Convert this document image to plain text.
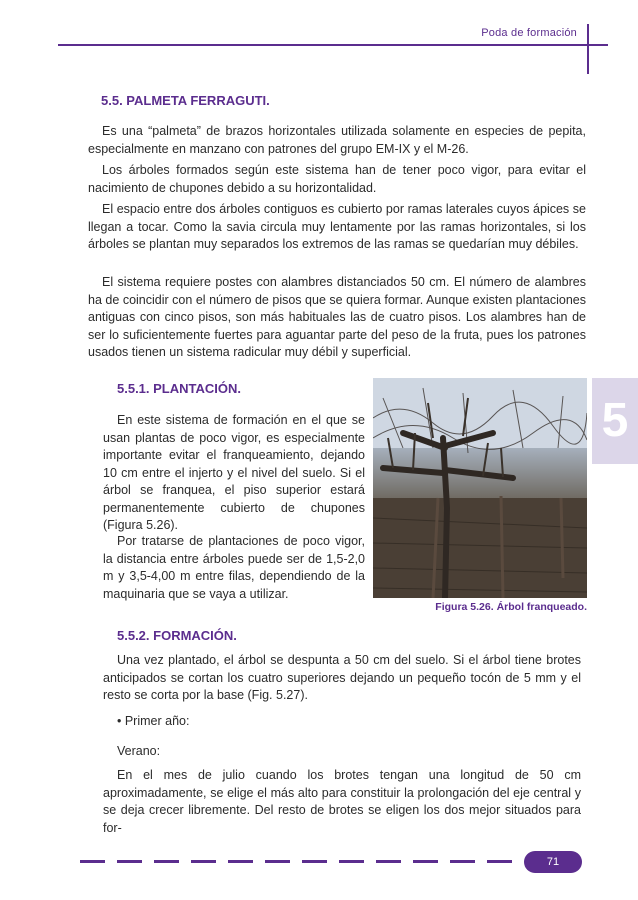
Poda de formación
5
5.5. PALMETA FERRAGUTI.

Es una “palmeta” de brazos horizontales utilizada solamente en especies de pepita, especialmente en manzano con patrones del grupo EM-IX y el M-26.

Los árboles formados según este sistema han de tener poco vigor, para evitar el nacimiento de chupones debido a su horizontalidad.

El espacio entre dos árboles contiguos es cubierto por ramas laterales cuyos ápices se llegan a tocar. Como la savia circula muy lentamente por las ramas horizontales, si los árboles se plantan muy separados los extremos de las ramas se quedarían muy débiles.

El sistema requiere postes con alambres distanciados 50 cm. El número de alambres ha de coincidir con el número de pisos que se quiera formar. Aunque existen plantaciones antiguas con cinco pisos, son más habituales las de cuatro pisos. Los alambres han de ser lo suficientemente fuertes para aguantar parte del peso de la fruta, pues los patrones usados tienen un sistema radicular muy débil y superficial.

5.5.1. PLANTACIÓN.

En este sistema de formación en el que se usan plantas de poco vigor, es especialmente importante evitar el franqueamiento, dejando 10 cm entre el injerto y el nivel del suelo. Si el árbol se franquea, el piso superior estará permanentemente cubierto de chupones (Figura 5.26).

Por tratarse de plantaciones de poco vigor, la distancia entre árboles puede ser de 1,5-2,0 m y 3,5-4,00 m entre filas, dependiendo de la maquinaria que se vaya a utilizar.

Figura 5.26. Árbol franqueado.
5.5.2. FORMACIÓN.

Una vez plantado, el árbol se despunta a 50 cm del suelo. Si el árbol tiene brotes anticipados se cortan los cuatro superiores dejando un pequeño tocón de 5 mm y el resto se corta por la base (Fig. 5.27).

• Primer año:

Verano:

En el mes de julio cuando los brotes tengan una longitud de 50 cm aproximadamente, se elige el más alto para constituir la prolongación del eje central y se deja crecer libremente. Del resto de brotes se eligen los dos mejor situados para for-

71
